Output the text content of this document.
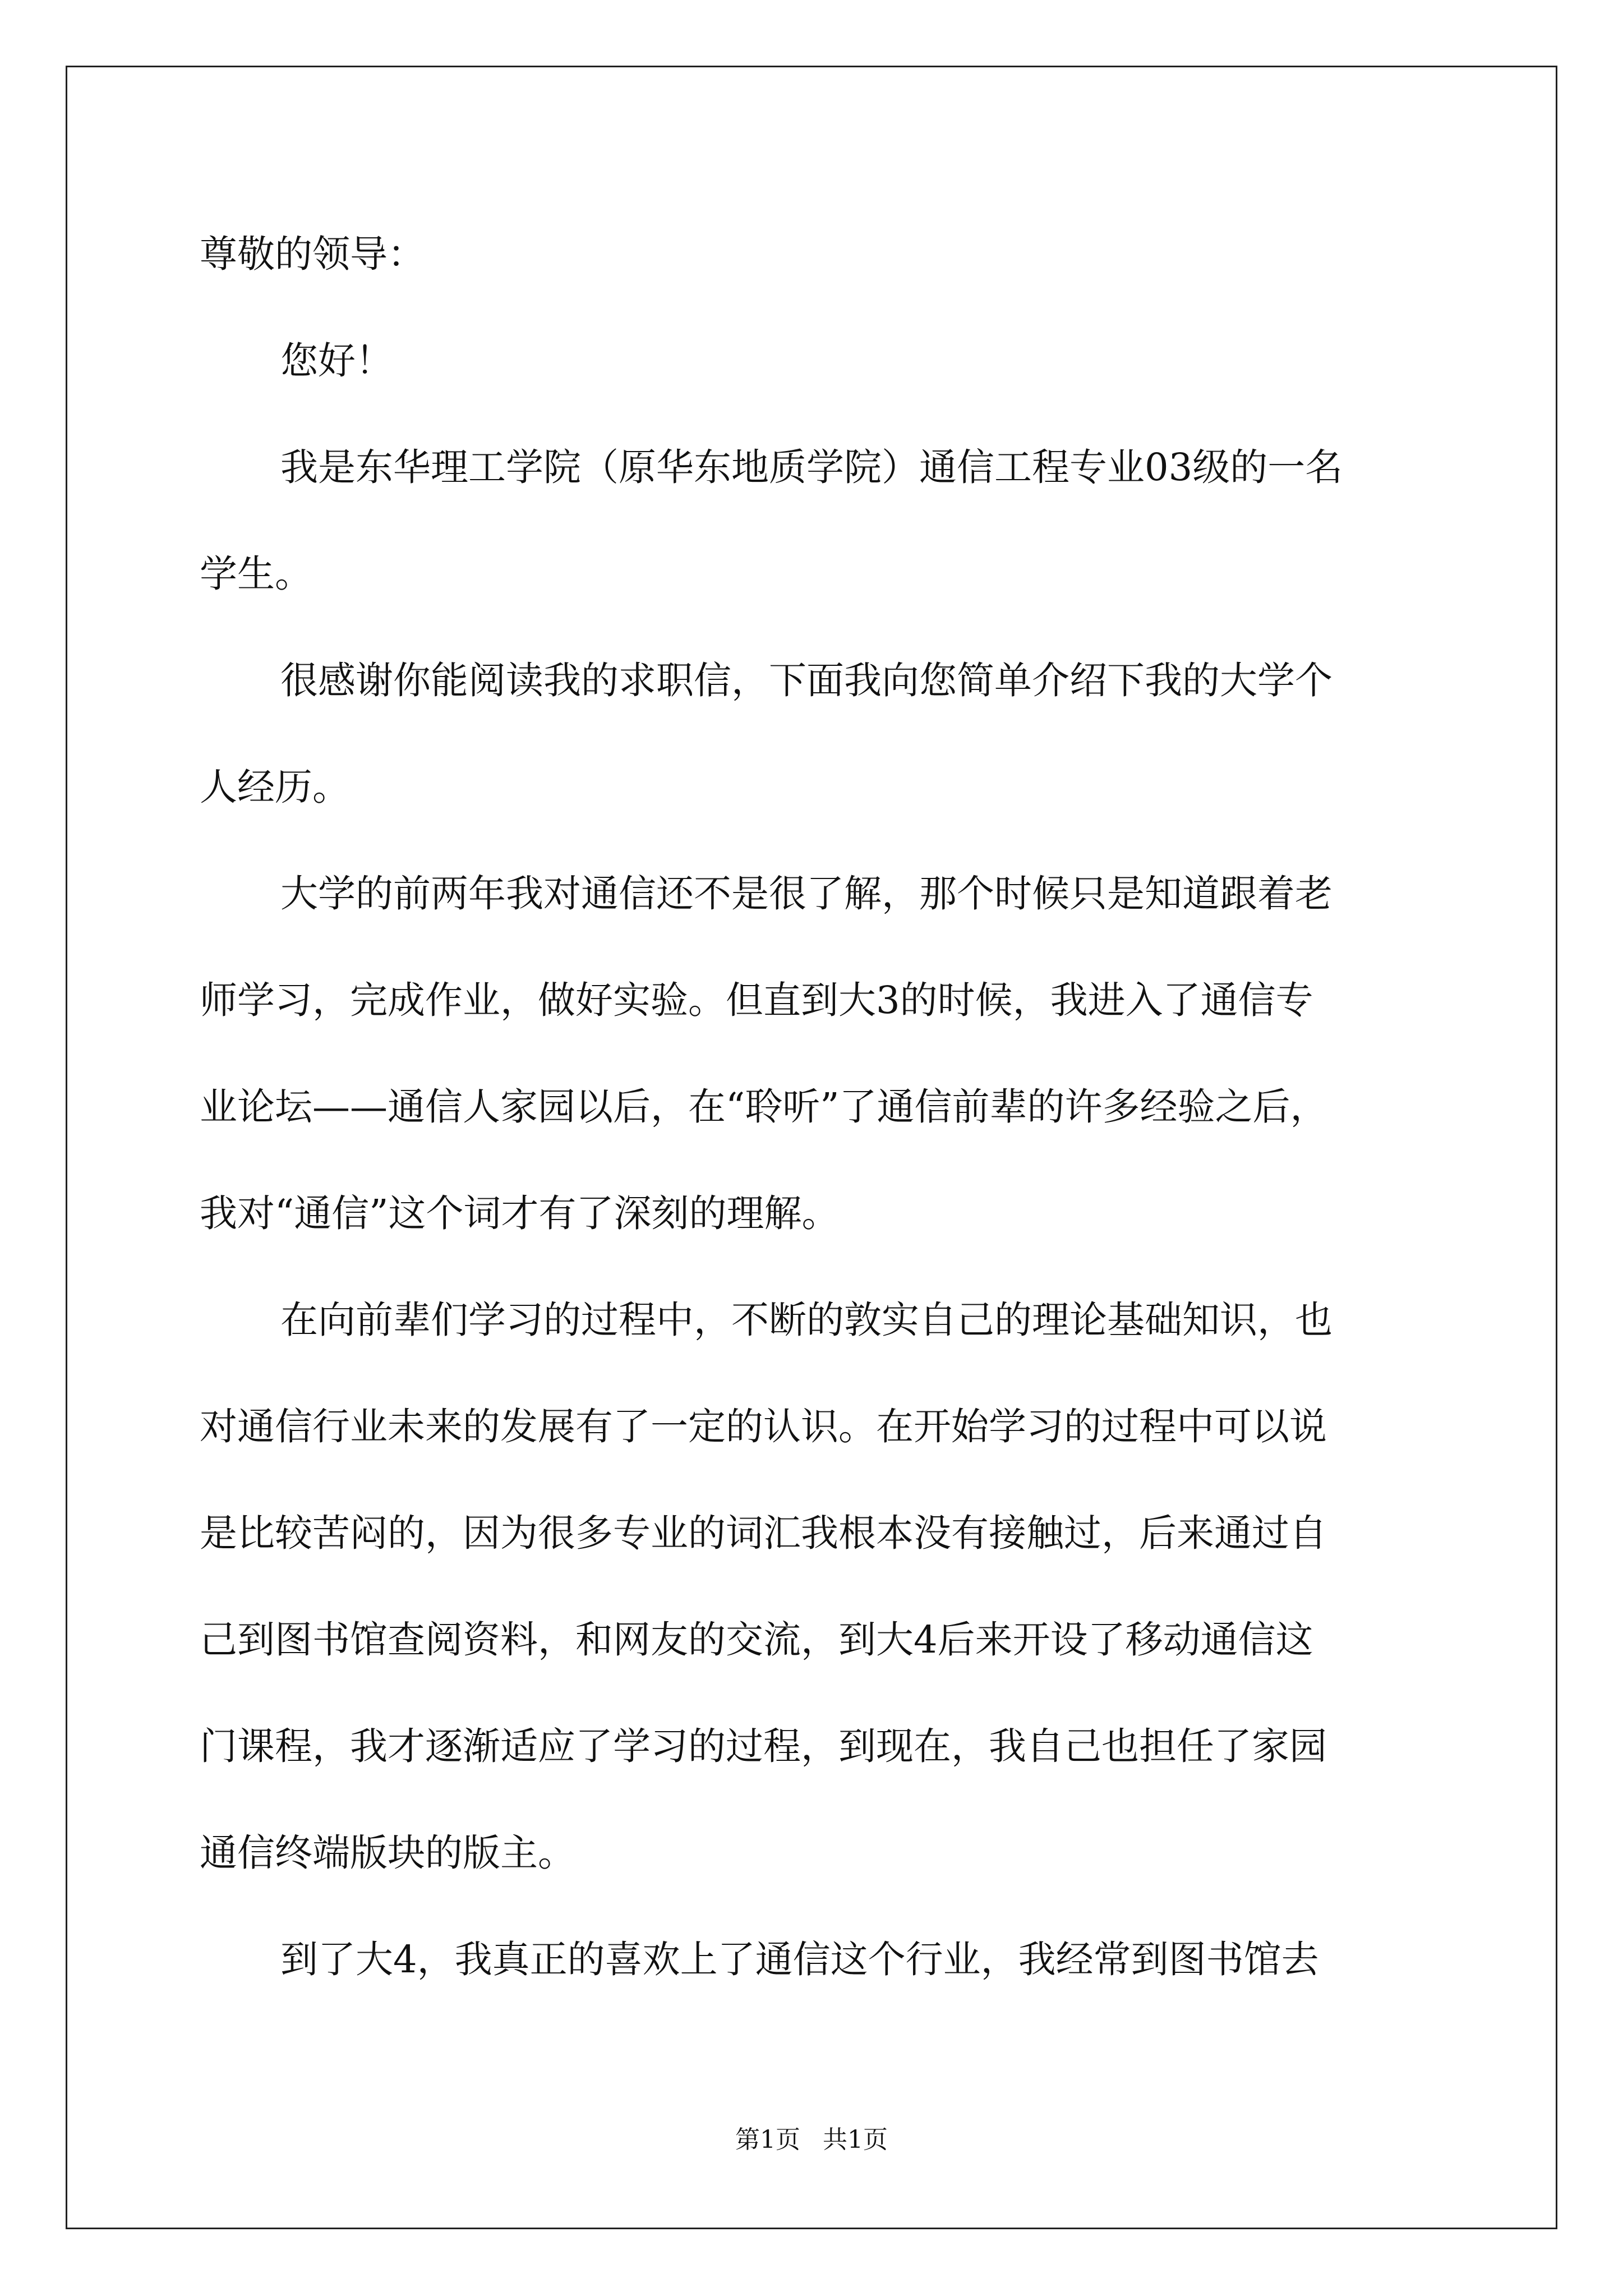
尊敬的领导：
您好！
我是东华理工学院（原华东地质学院）通信工程专业03级的一名
学生。
很感谢你能阅读我的求职信，下面我向您简单介绍下我的大学个
人经历。
大学的前两年我对通信还不是很了解，那个时候只是知道跟着老
师学习，完成作业，做好实验。但直到大3的时候，我进入了通信专
业论坛——通信人家园以后，在“聆听”了通信前辈的许多经验之后，
我对“通信”这个词才有了深刻的理解。
在向前辈们学习的过程中，不断的敦实自己的理论基础知识，也
对通信行业未来的发展有了一定的认识。在开始学习的过程中可以说
是比较苦闷的，因为很多专业的词汇我根本没有接触过，后来通过自
己到图书馆查阅资料，和网友的交流，到大4后来开设了移动通信这
门课程，我才逐渐适应了学习的过程，到现在，我自己也担任了家园
通信终端版块的版主。
到了大4，我真正的喜欢上了通信这个行业，我经常到图书馆去
第1页 共1页
